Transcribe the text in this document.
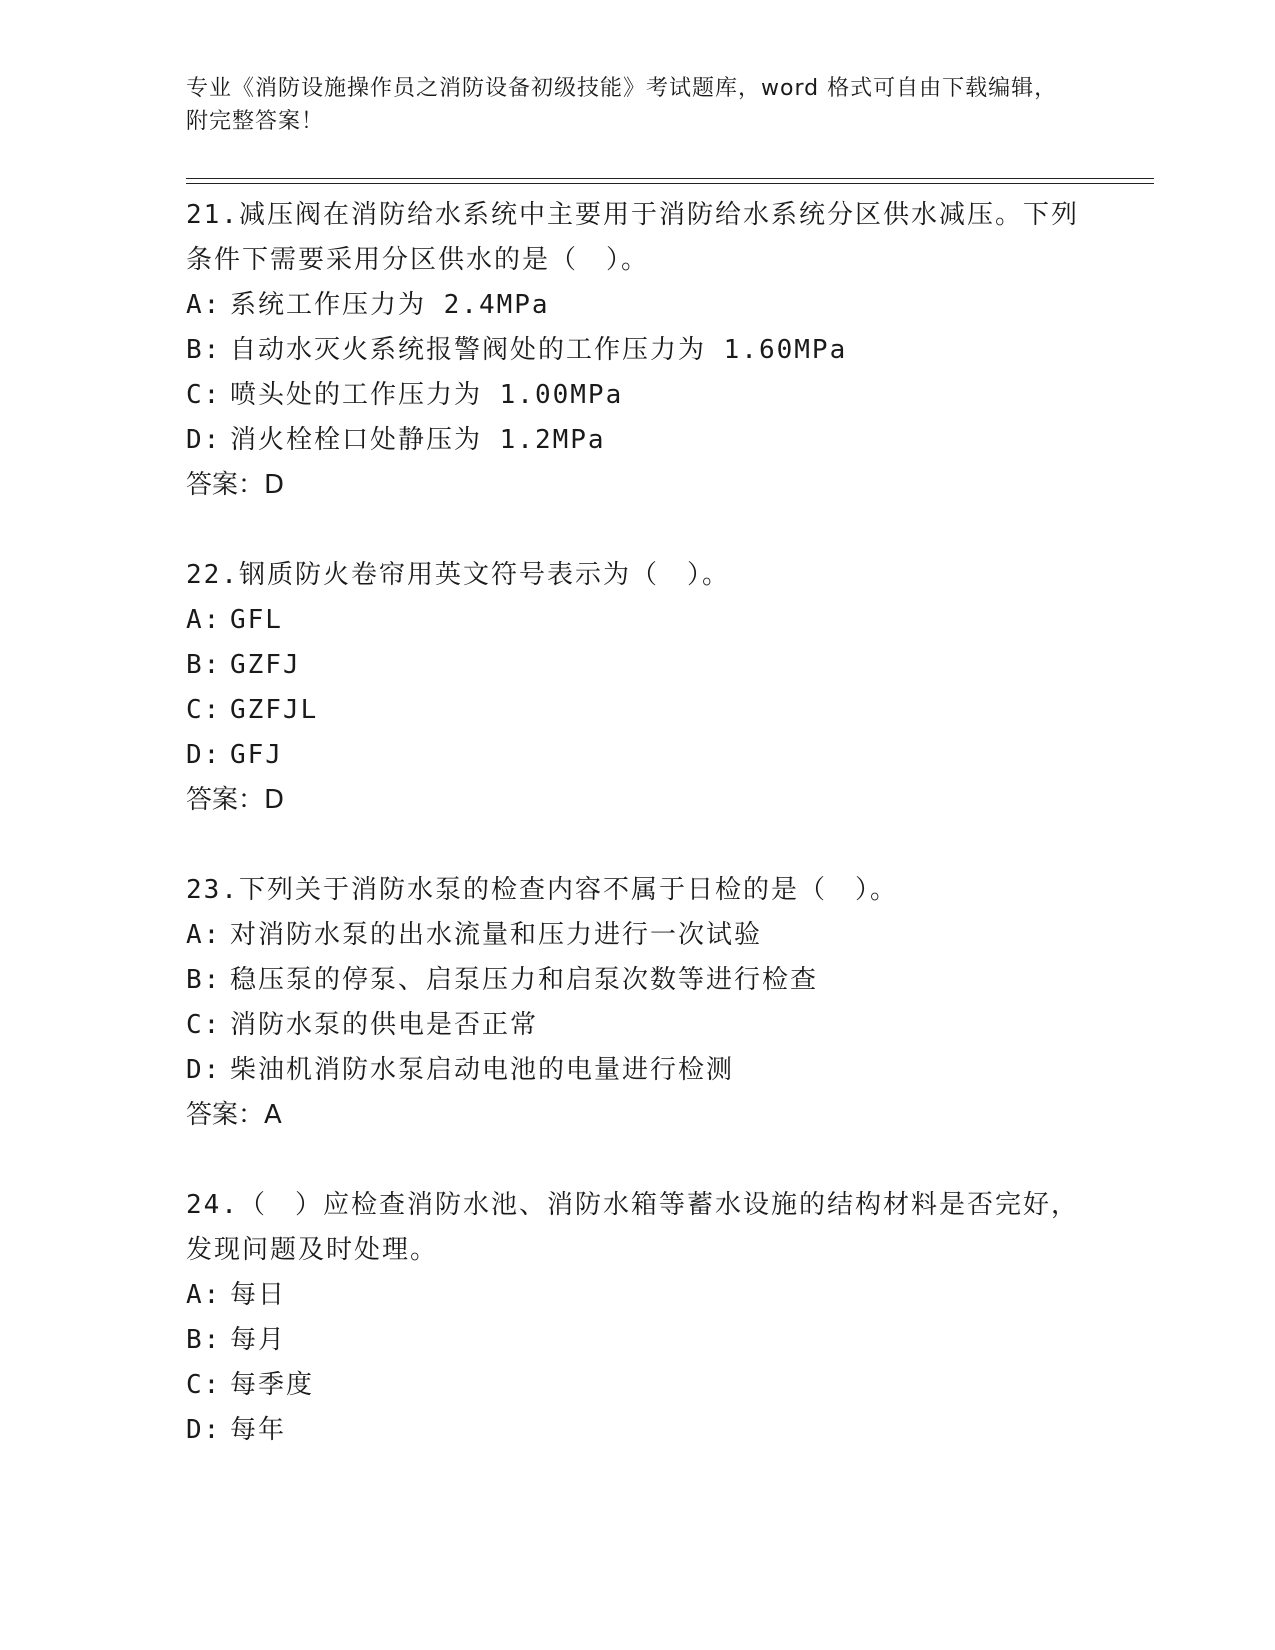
专业《消防设施操作员之消防设备初级技能》考试题库，word 格式可自由下载编辑，附完整答案！

21.减压阀在消防给水系统中主要用于消防给水系统分区供水减压。下列条件下需要采用分区供水的是（　）。

A: 系统工作压力为 2.4MPa

B: 自动水灭火系统报警阀处的工作压力为 1.60MPa

C: 喷头处的工作压力为 1.00MPa

D: 消火栓栓口处静压为 1.2MPa

答案：D

22.钢质防火卷帘用英文符号表示为（　）。

A: GFL

B: GZFJ

C: GZFJL

D: GFJ

答案：D

23.下列关于消防水泵的检查内容不属于日检的是（　）。

A: 对消防水泵的出水流量和压力进行一次试验

B: 稳压泵的停泵、启泵压力和启泵次数等进行检查

C: 消防水泵的供电是否正常

D: 柴油机消防水泵启动电池的电量进行检测

答案：A

24.（　）应检查消防水池、消防水箱等蓄水设施的结构材料是否完好，发现问题及时处理。

A: 每日

B: 每月

C: 每季度

D: 每年
